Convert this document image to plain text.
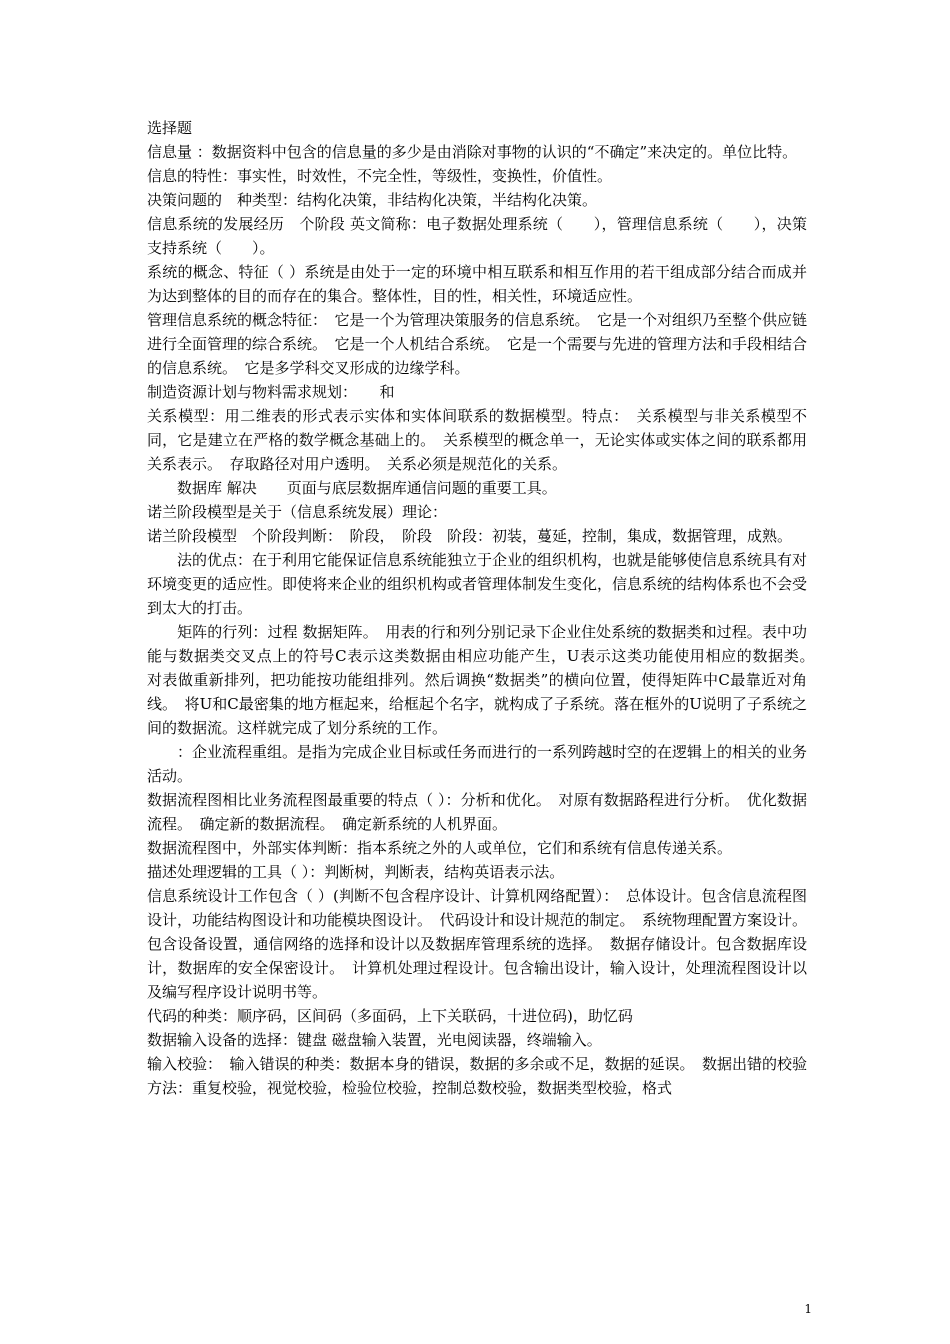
选择题

信息量 ：数据资料中包含的信息量的多少是由消除对事物的认识的“不确定”来决定的。单位比特。

信息的特性：事实性，时效性，不完全性，等级性，变换性，价值性。

决策问题的　种类型：结构化决策，非结构化决策，半结构化决策。

信息系统的发展经历　个阶段 英文简称：电子数据处理系统（　　），管理信息系统（　　），决策支持系统（　　）。

系统的概念、特征（ ）系统是由处于一定的环境中相互联系和相互作用的若干组成部分结合而成并为达到整体的目的而存在的集合。整体性，目的性，相关性，环境适应性。

管理信息系统的概念特征：　它是一个为管理决策服务的信息系统。　它是一个对组织乃至整个供应链进行全面管理的综合系统。　它是一个人机结合系统。　它是一个需要与先进的管理方法和手段相结合的信息系统。　它是多学科交叉形成的边缘学科。

制造资源计划与物料需求规划：　　和

关系模型：用二维表的形式表示实体和实体间联系的数据模型。特点：　关系模型与非关系模型不同，它是建立在严格的数学概念基础上的。　关系模型的概念单一，无论实体或实体之间的联系都用关系表示。　存取路径对用户透明。　关系必须是规范化的关系。

　　数据库 解决　　页面与底层数据库通信问题的重要工具。

诺兰阶段模型是关于（信息系统发展）理论：

诺兰阶段模型　个阶段判断：　阶段，　阶段　阶段：初装，蔓延，控制，集成，数据管理，成熟。

　　法的优点：在于利用它能保证信息系统能独立于企业的组织机构，也就是能够使信息系统具有对环境变更的适应性。即使将来企业的组织机构或者管理体制发生变化，信息系统的结构体系也不会受到太大的打击。

　　矩阵的行列：过程 数据矩阵。　用表的行和列分别记录下企业住处系统的数据类和过程。表中功能与数据类交叉点上的符号C表示这类数据由相应功能产生，U表示这类功能使用相应的数据类。　对表做重新排列，把功能按功能组排列。然后调换“数据类”的横向位置，使得矩阵中C最靠近对角线。　将U和C最密集的地方框起来，给框起个名字，就构成了子系统。落在框外的U说明了子系统之间的数据流。这样就完成了划分系统的工作。

　　：企业流程重组。是指为完成企业目标或任务而进行的一系列跨越时空的在逻辑上的相关的业务活动。

数据流程图相比业务流程图最重要的特点（ ）：分析和优化。　对原有数据路程进行分析。　优化数据流程。　确定新的数据流程。　确定新系统的人机界面。

数据流程图中，外部实体判断：指本系统之外的人或单位，它们和系统有信息传递关系。

描述处理逻辑的工具（ ）：判断树，判断表，结构英语表示法。

信息系统设计工作包含（ ）(判断不包含程序设计、计算机网络配置）：　总体设计。包含信息流程图设计，功能结构图设计和功能模块图设计。　代码设计和设计规范的制定。　系统物理配置方案设计。包含设备设置，通信网络的选择和设计以及数据库管理系统的选择。　数据存储设计。包含数据库设计，数据库的安全保密设计。　计算机处理过程设计。包含输出设计，输入设计，处理流程图设计以及编写程序设计说明书等。

代码的种类：顺序码，区间码（多面码，上下关联码，十进位码)，助忆码

数据输入设备的选择：键盘 磁盘输入装置，光电阅读器，终端输入。

输入校验：　输入错误的种类：数据本身的错误，数据的多余或不足，数据的延误。　数据出错的校验方法：重复校验，视觉校验，检验位校验，控制总数校验，数据类型校验，格式

1
